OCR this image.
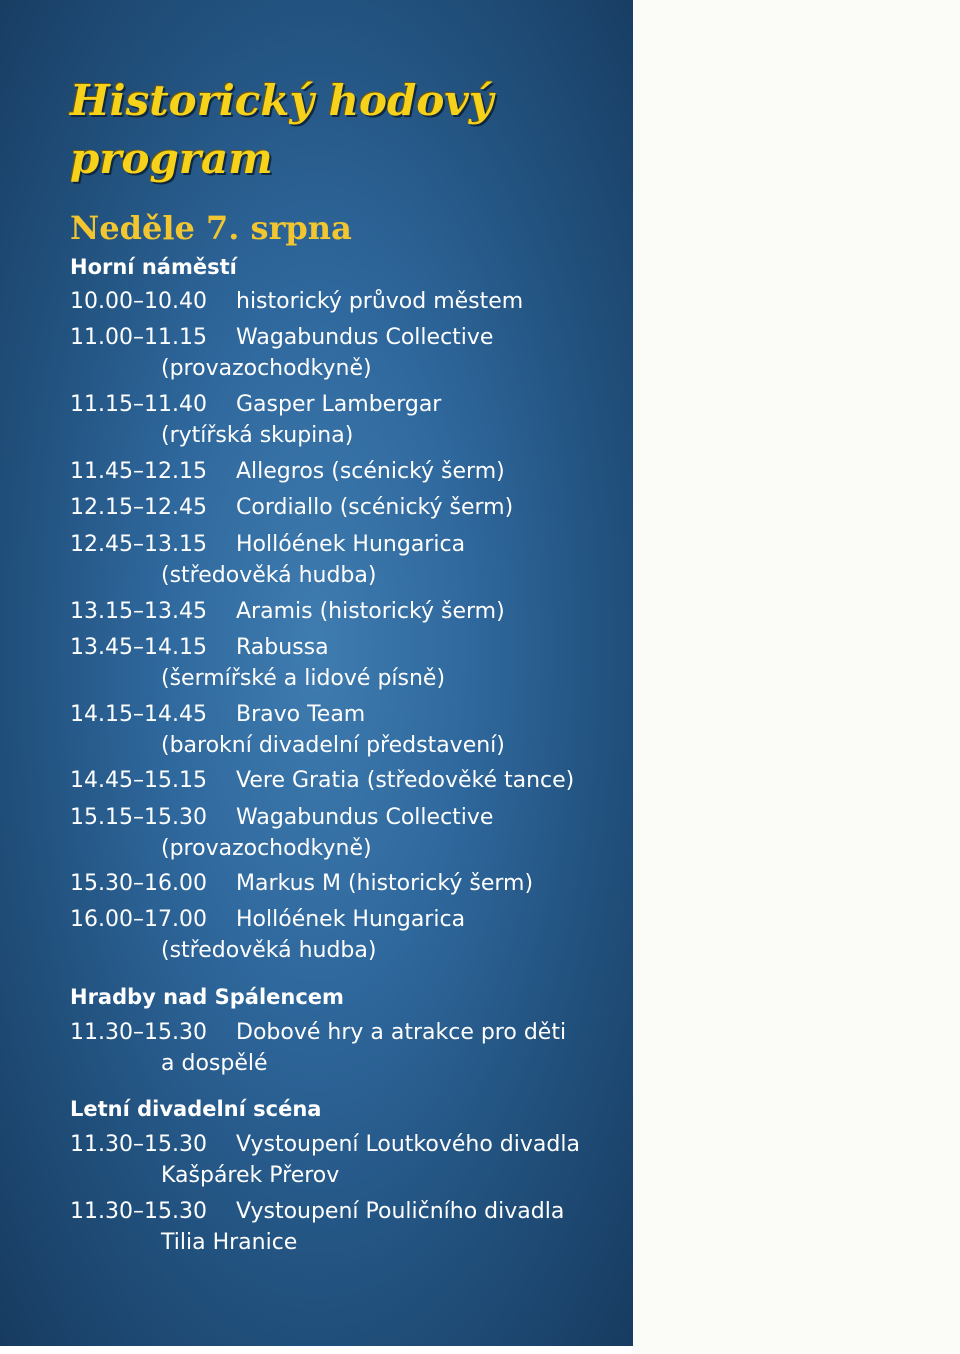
Historický hodový program
Neděle 7. srpna
Horní náměstí
10.00–10.40 historický průvod městem
11.00–11.15 Wagabundus Collective
(provazochodkyně)
11.15–11.40 Gasper Lambergar
(rytířská skupina)
11.45–12.15 Allegros (scénický šerm)
12.15–12.45 Cordiallo (scénický šerm)
12.45–13.15 Hollóének Hungarica
(středověká hudba)
13.15–13.45 Aramis (historický šerm)
13.45–14.15 Rabussa
(šermířské a lidové písně)
14.15–14.45 Bravo Team
(barokní divadelní představení)
14.45–15.15 Vere Gratia (středověké tance)
15.15–15.30 Wagabundus Collective
(provazochodkyně)
15.30–16.00 Markus M (historický šerm)
16.00–17.00 Hollóének Hungarica
(středověká hudba)
Hradby nad Spálencem
11.30–15.30 Dobové hry a atrakce pro děti
a dospělé
Letní divadelní scéna
11.30–15.30 Vystoupení Loutkového divadla
Kašpárek Přerov
11.30–15.30 Vystoupení Pouličního divadla
Tilia Hranice
